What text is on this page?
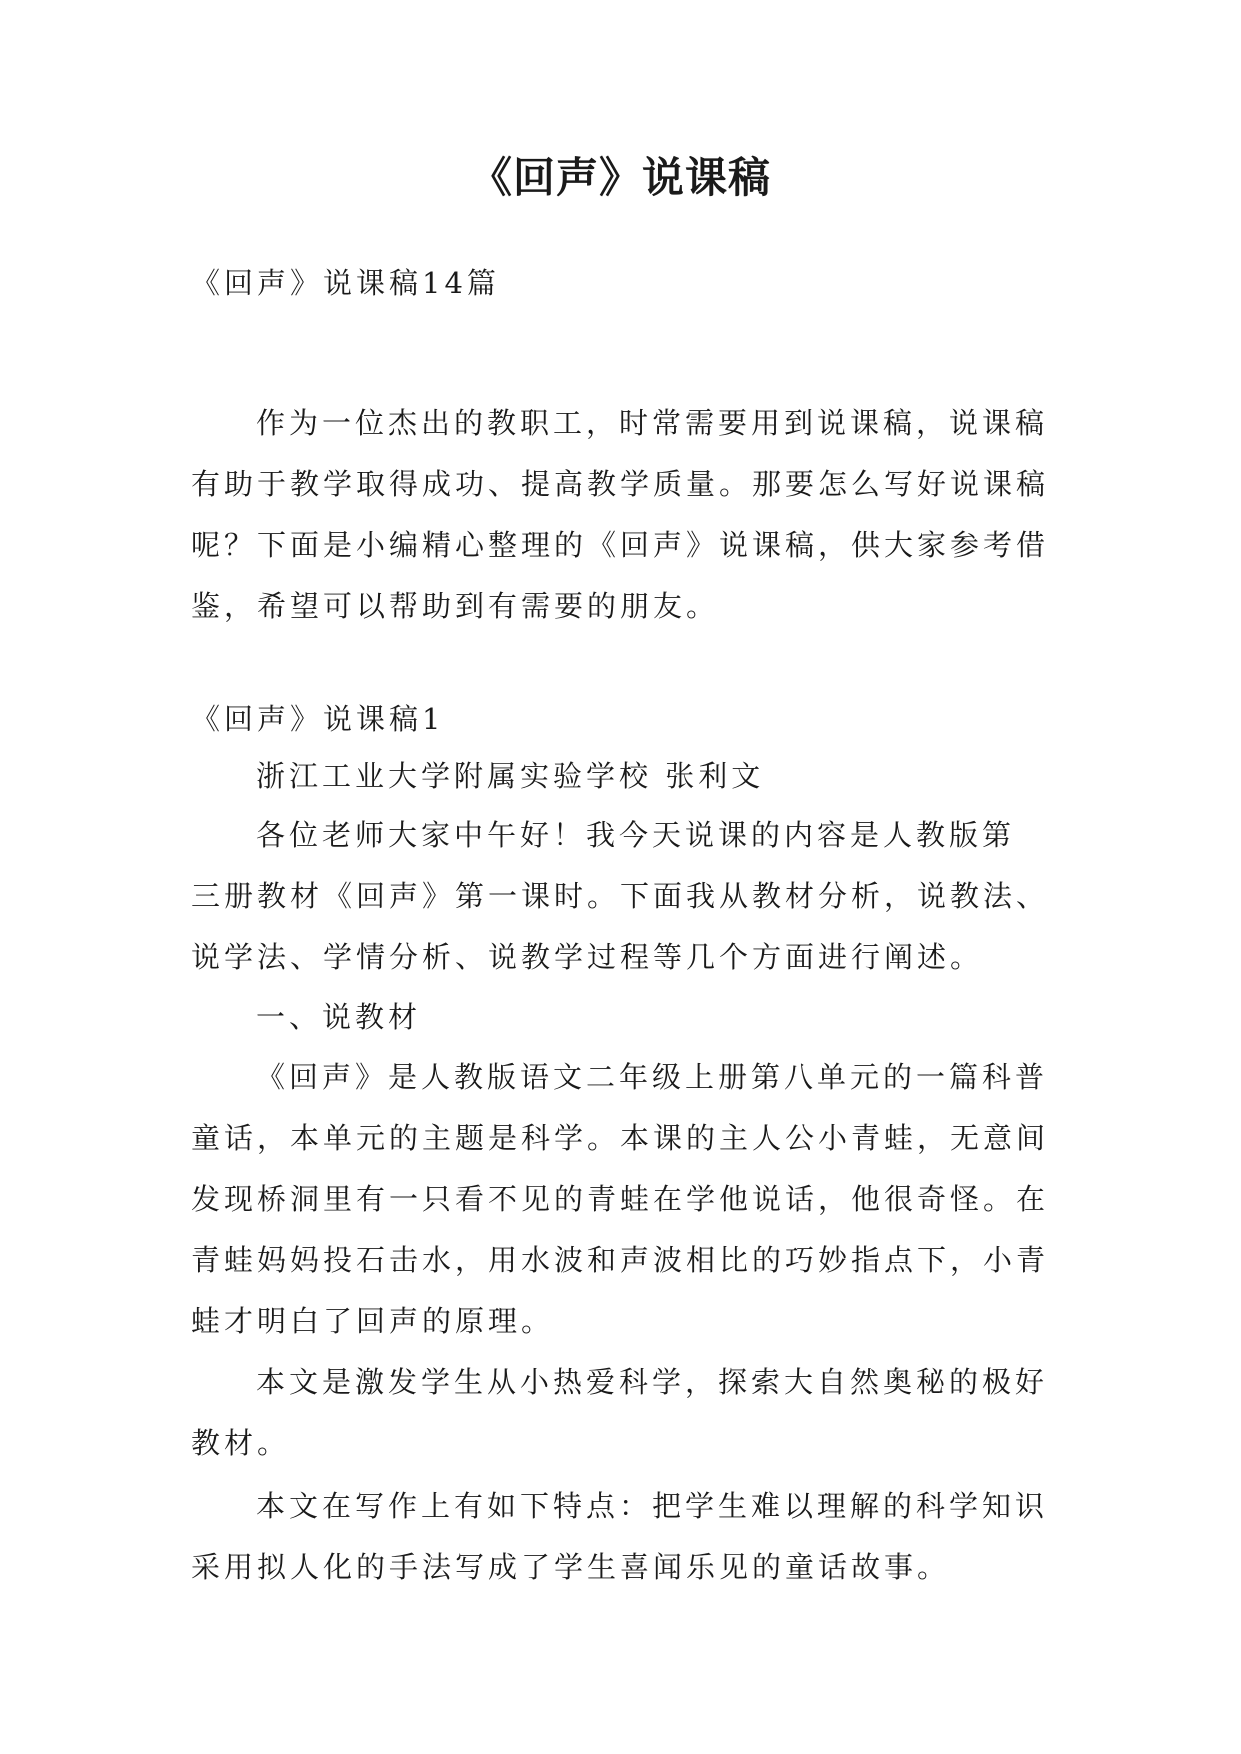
《回声》说课稿
《回声》说课稿14篇
作为一位杰出的教职工，时常需要用到说课稿，说课稿
有助于教学取得成功、提高教学质量。那要怎么写好说课稿
呢？下面是小编精心整理的《回声》说课稿，供大家参考借
鉴，希望可以帮助到有需要的朋友。
《回声》说课稿1
浙江工业大学附属实验学校 张利文
各位老师大家中午好！我今天说课的内容是人教版第
三册教材《回声》第一课时。下面我从教材分析，说教法、
说学法、学情分析、说教学过程等几个方面进行阐述。
一、说教材
《回声》是人教版语文二年级上册第八单元的一篇科普
童话，本单元的主题是科学。本课的主人公小青蛙，无意间
发现桥洞里有一只看不见的青蛙在学他说话，他很奇怪。在
青蛙妈妈投石击水，用水波和声波相比的巧妙指点下，小青
蛙才明白了回声的原理。
本文是激发学生从小热爱科学，探索大自然奥秘的极好
教材。
本文在写作上有如下特点：把学生难以理解的科学知识
采用拟人化的手法写成了学生喜闻乐见的童话故事。
